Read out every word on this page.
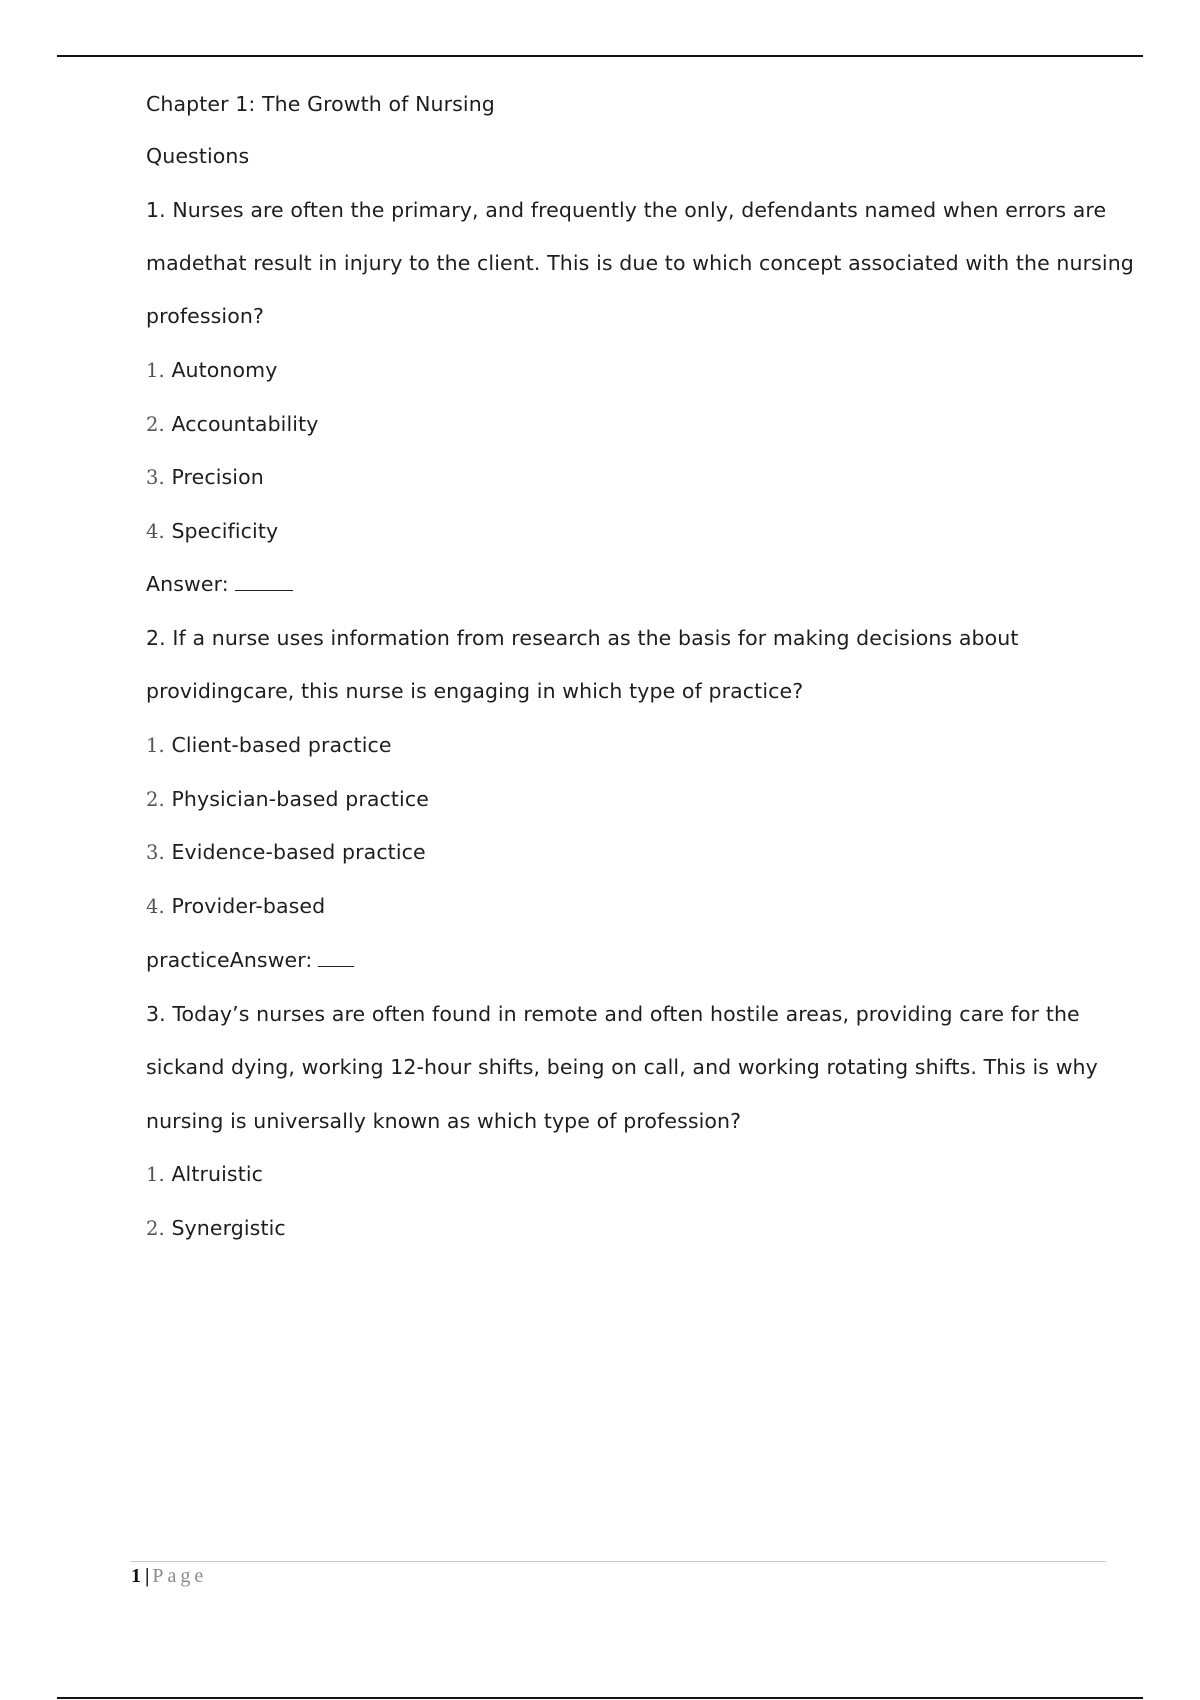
Chapter 1: The Growth of Nursing
Questions
1. Nurses are often the primary, and frequently the only, defendants named when errors are
madethat result in injury to the client. This is due to which concept associated with the nursing
profession?
1. Autonomy
2. Accountability
3. Precision
4. Specificity
Answer:
2. If a nurse uses information from research as the basis for making decisions about
providingcare, this nurse is engaging in which type of practice?
1. Client-based practice
2. Physician-based practice
3. Evidence-based practice
4. Provider-based
practiceAnswer:
3. Today’s nurses are often found in remote and often hostile areas, providing care for the
sickand dying, working 12-hour shifts, being on call, and working rotating shifts. This is why
nursing is universally known as which type of profession?
1. Altruistic
2. Synergistic
1 | Page
